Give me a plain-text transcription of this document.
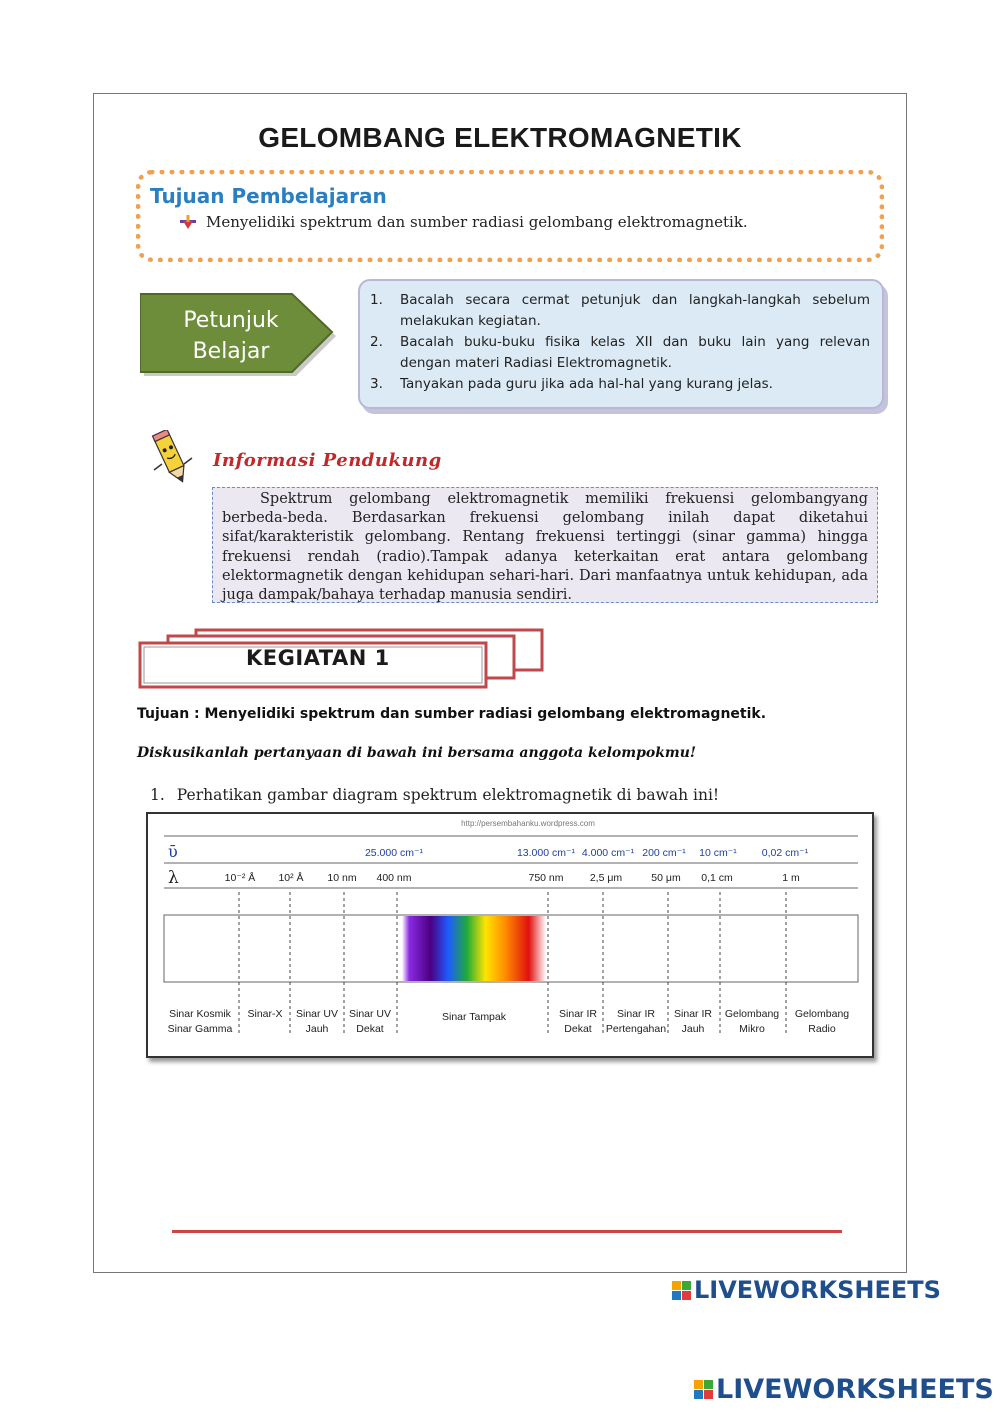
GELOMBANG ELEKTROMAGNETIK
Tujuan Pembelajaran
Menyelidiki spektrum dan sumber radiasi gelombang elektromagnetik.
Petunjuk
Belajar
1.	Bacalah secara cermat petunjuk dan langkah-langkah sebelum melakukan kegiatan.
2.	Bacalah buku-buku fisika kelas XII dan buku lain yang relevan dengan materi Radiasi Elektromagnetik.
3.	Tanyakan pada guru jika ada hal-hal yang kurang jelas.
Informasi Pendukung

Spektrum gelombang elektromagnetik memiliki frekuensi gelombangyang berbeda-beda. Berdasarkan frekuensi gelombang inilah dapat diketahui sifat/karakteristik gelombang. Rentang frekuensi tertinggi (sinar gamma) hingga frekuensi rendah (radio).Tampak adanya keterkaitan erat antara gelombang elektormagnetik dengan kehidupan sehari-hari. Dari manfaatnya untuk kehidupan, ada juga dampak/bahaya terhadap manusia sendiri.

KEGIATAN 1
Tujuan : Menyelidiki spektrum dan sumber radiasi gelombang elektromagnetik.
Diskusikanlah pertanyaan di bawah ini bersama anggota kelompokmu!
1. Perhatikan gambar diagram spektrum elektromagnetik di bawah ini!
http://persembahanku.wordpress.com
ῡ
λ
25.000 cm⁻¹	13.000 cm⁻¹ 4.000 cm⁻¹ 200 cm⁻¹ 10 cm⁻¹ 0,02 cm⁻¹
10⁻² Å 10² Å 10 nm 400 nm	750 nm	2,5 μm	50 μm 0,1 cm	1 m
Sinar Kosmik
Sinar Gamma
Sinar-X Sinar UV
Jauh
Sinar UV
Dekat
Sinar Tampak	Sinar IR
Dekat
Sinar IR
Pertengahan
Sinar IR
Jauh
Gelombang
Mikro
Gelombang
Radio
LIVEWORKSHEETS
LIVEWORKSHEETS
